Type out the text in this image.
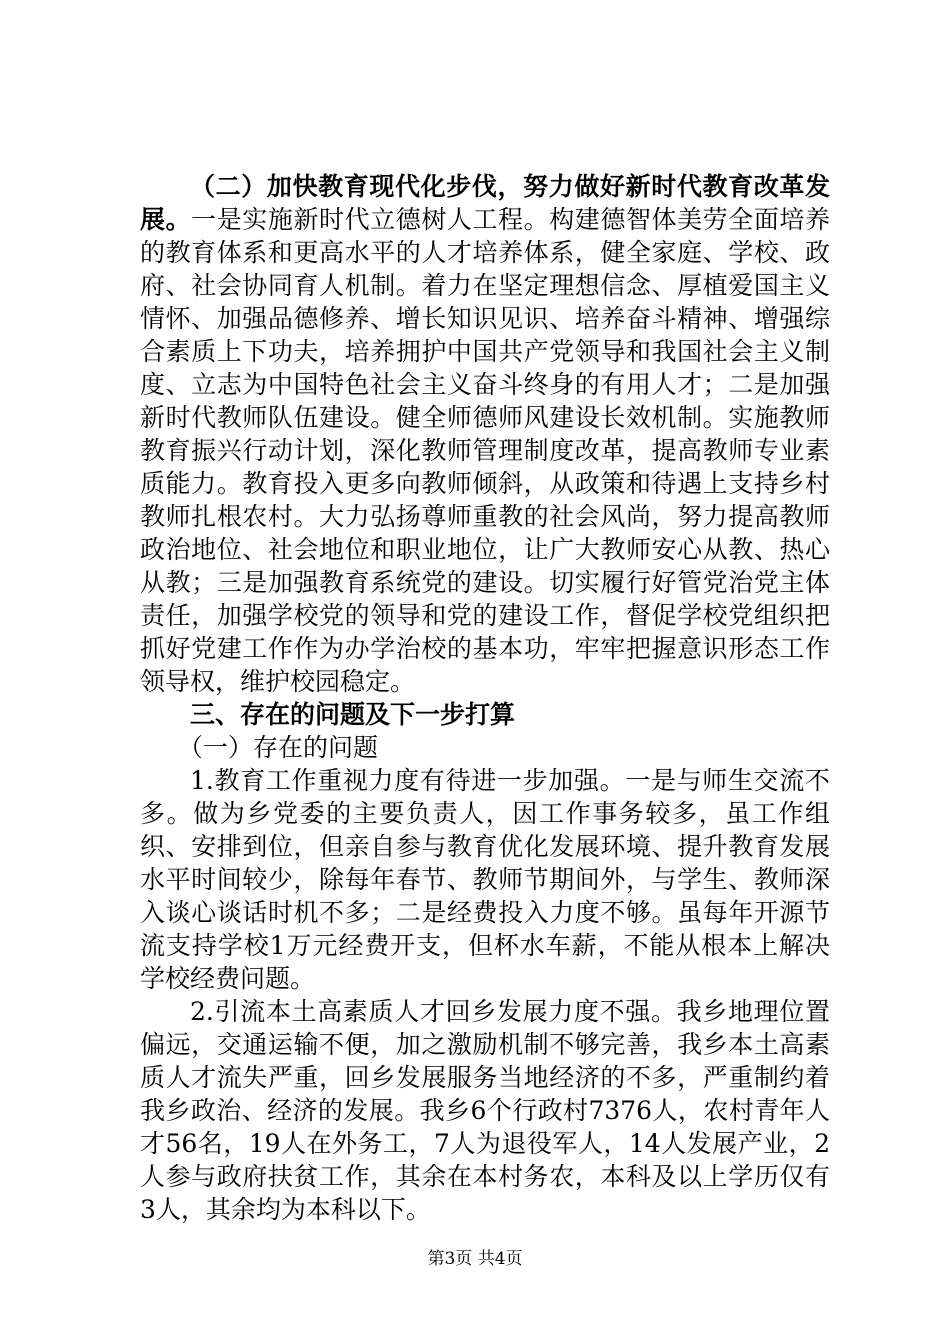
（二）加快教育现代化步伐，努力做好新时代教育改革发展。一是实施新时代立德树人工程。构建德智体美劳全面培养的教育体系和更高水平的人才培养体系，健全家庭、学校、政府、社会协同育人机制。着力在坚定理想信念、厚植爱国主义情怀、加强品德修养、增长知识见识、培养奋斗精神、增强综合素质上下功夫，培养拥护中国共产党领导和我国社会主义制度、立志为中国特色社会主义奋斗终身的有用人才；二是加强新时代教师队伍建设。健全师德师风建设长效机制。实施教师教育振兴行动计划，深化教师管理制度改革，提高教师专业素质能力。教育投入更多向教师倾斜，从政策和待遇上支持乡村教师扎根农村。大力弘扬尊师重教的社会风尚，努力提高教师政治地位、社会地位和职业地位，让广大教师安心从教、热心从教；三是加强教育系统党的建设。切实履行好管党治党主体责任，加强学校党的领导和党的建设工作，督促学校党组织把抓好党建工作作为办学治校的基本功，牢牢把握意识形态工作领导权，维护校园稳定。

三、存在的问题及下一步打算

（一）存在的问题

1.教育工作重视力度有待进一步加强。一是与师生交流不多。做为乡党委的主要负责人，因工作事务较多，虽工作组织、安排到位，但亲自参与教育优化发展环境、提升教育发展水平时间较少，除每年春节、教师节期间外，与学生、教师深入谈心谈话时机不多；二是经费投入力度不够。虽每年开源节流支持学校1万元经费开支，但杯水车薪，不能从根本上解决学校经费问题。

2.引流本土高素质人才回乡发展力度不强。我乡地理位置偏远，交通运输不便，加之激励机制不够完善，我乡本土高素质人才流失严重，回乡发展服务当地经济的不多，严重制约着我乡政治、经济的发展。我乡6个行政村7376人，农村青年人才56名，19人在外务工，7人为退役军人，14人发展产业，2人参与政府扶贫工作，其余在本村务农，本科及以上学历仅有3人，其余均为本科以下。

第3页 共4页
